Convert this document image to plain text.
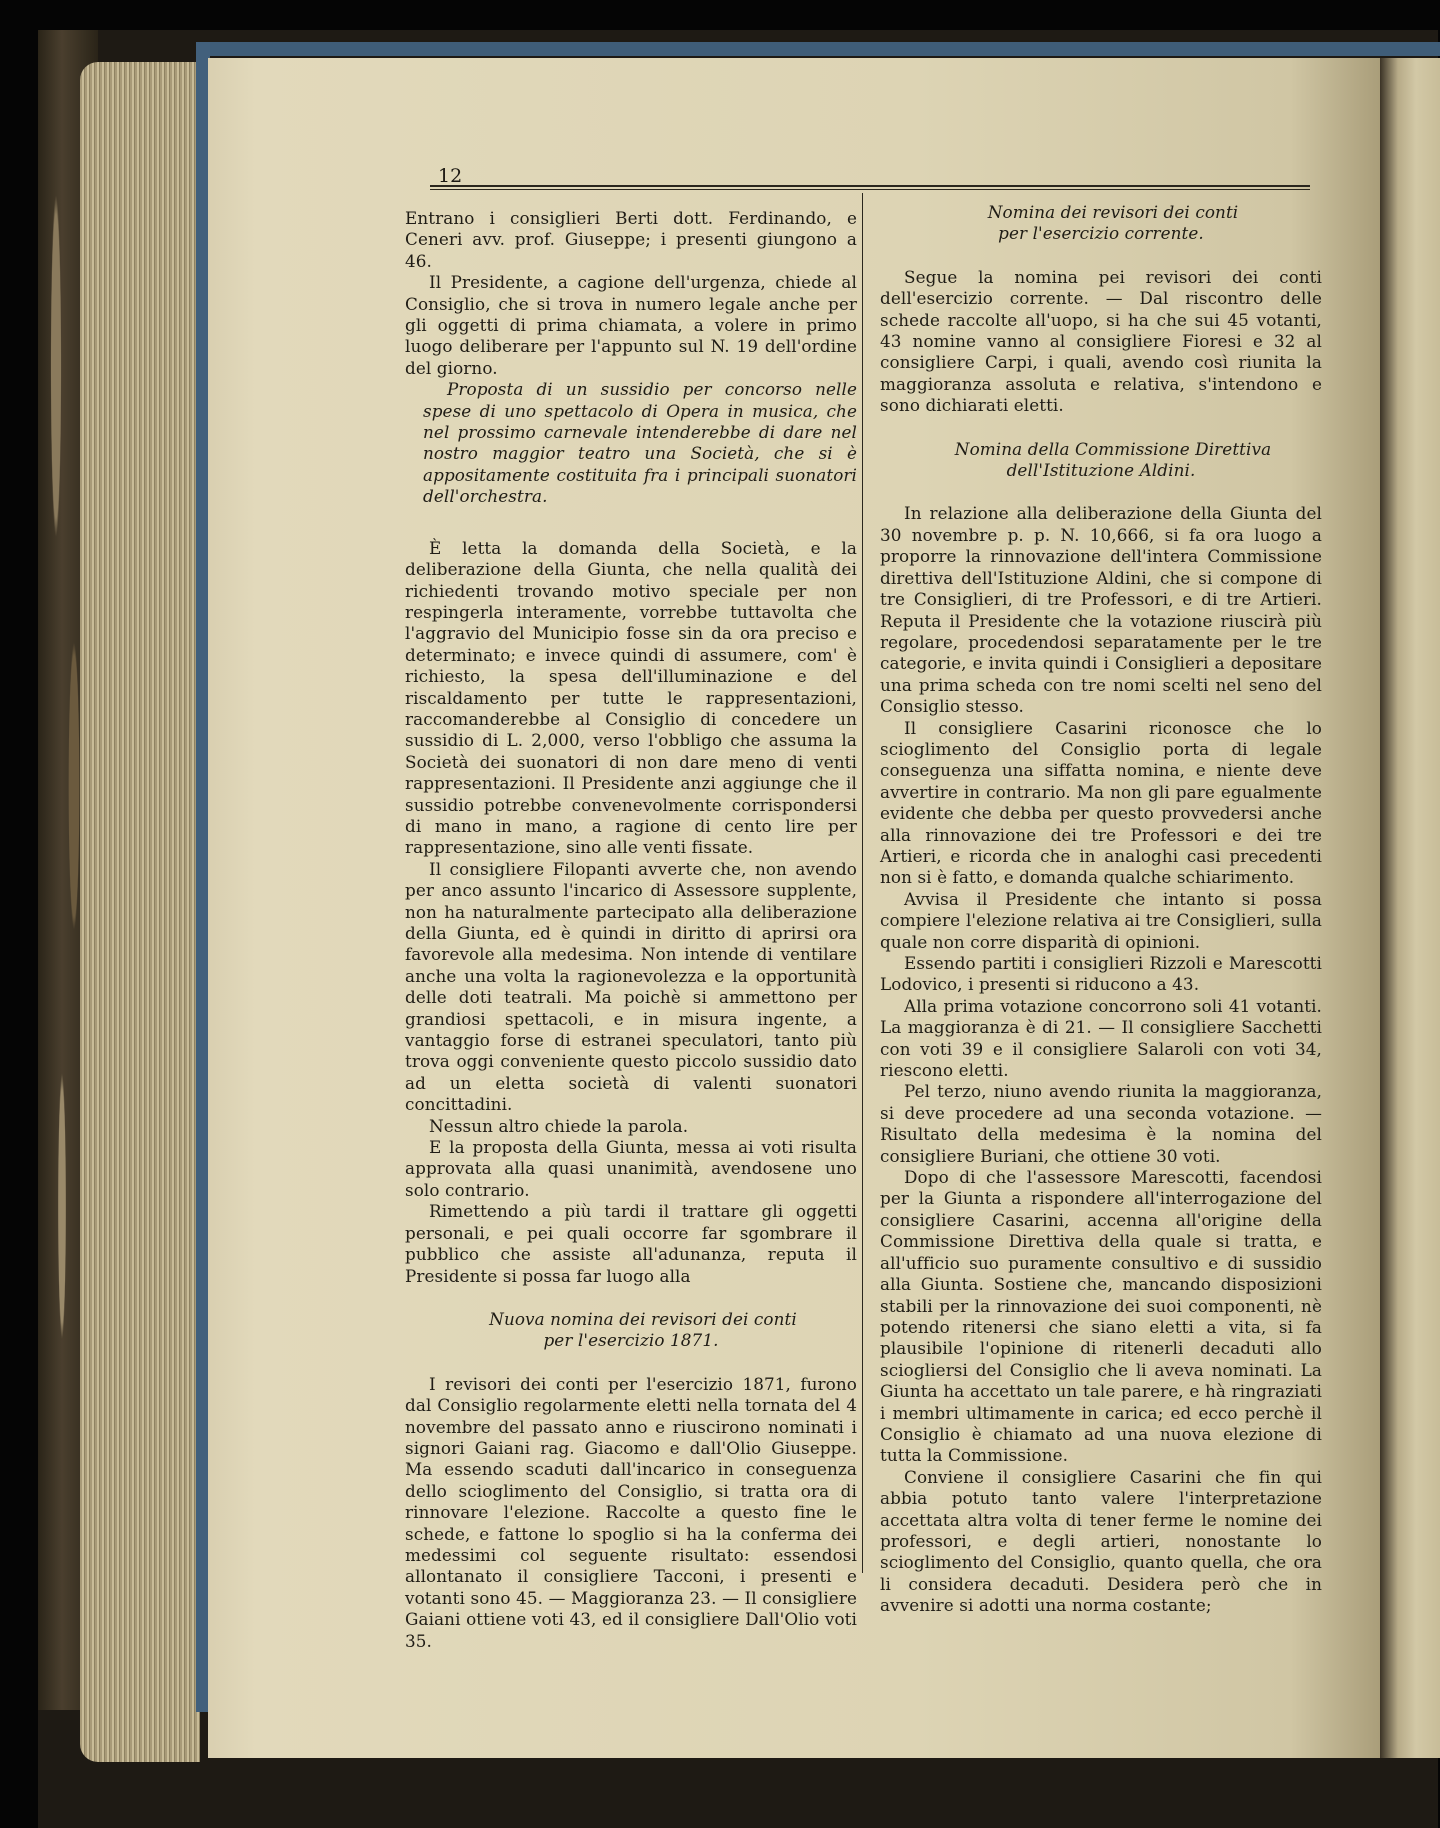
12

Entrano i consiglieri Berti dott. Ferdinando, e Ceneri avv. prof. Giuseppe; i presenti giungono a 46.

Il Presidente, a cagione dell'urgenza, chiede al Consiglio, che si trova in numero legale anche per gli oggetti di prima chiamata, a volere in primo luogo deliberare per l'appunto sul N. 19 dell'ordine del giorno.

Proposta di un sussidio per concorso nelle spese di uno spettacolo di Opera in musica, che nel prossimo carnevale intenderebbe di dare nel nostro maggior teatro una Società, che si è appositamente costituita fra i principali suonatori dell'orchestra.

È letta la domanda della Società, e la deliberazione della Giunta, che nella qualità dei richiedenti trovando motivo speciale per non respingerla interamente, vorrebbe tuttavolta che l'aggravio del Municipio fosse sin da ora preciso e determinato; e invece quindi di assumere, com' è richiesto, la spesa dell'illuminazione e del riscaldamento per tutte le rappresentazioni, raccomanderebbe al Consiglio di concedere un sussidio di L. 2,000, verso l'obbligo che assuma la Società dei suonatori di non dare meno di venti rappresentazioni. Il Presidente anzi aggiunge che il sussidio potrebbe convenevolmente corrispondersi di mano in mano, a ragione di cento lire per rappresentazione, sino alle venti fissate.

Il consigliere Filopanti avverte che, non avendo per anco assunto l'incarico di Assessore supplente, non ha naturalmente partecipato alla deliberazione della Giunta, ed è quindi in diritto di aprirsi ora favorevole alla medesima. Non intende di ventilare anche una volta la ragionevolezza e la opportunità delle doti teatrali. Ma poichè si ammettono per grandiosi spettacoli, e in misura ingente, a vantaggio forse di estranei speculatori, tanto più trova oggi conveniente questo piccolo sussidio dato ad un eletta società di valenti suonatori concittadini.

Nessun altro chiede la parola.

E la proposta della Giunta, messa ai voti risulta approvata alla quasi unanimità, avendosene uno solo contrario.

Rimettendo a più tardi il trattare gli oggetti personali, e pei quali occorre far sgombrare il pubblico che assiste all'adunanza, reputa il Presidente si possa far luogo alla

Nuova nomina dei revisori dei conti
per l'esercizio 1871.

I revisori dei conti per l'esercizio 1871, furono dal Consiglio regolarmente eletti nella tornata del 4 novembre del passato anno e riuscirono nominati i signori Gaiani rag. Giacomo e dall'Olio Giuseppe. Ma essendo scaduti dall'incarico in conseguenza dello scioglimento del Consiglio, si tratta ora di rinnovare l'elezione. Raccolte a questo fine le schede, e fattone lo spoglio si ha la conferma dei medessimi col seguente risultato: essendosi allontanato il consigliere Tacconi, i presenti e votanti sono 45. — Maggioranza 23. — Il consigliere Gaiani ottiene voti 43, ed il consigliere Dall'Olio voti 35.

Nomina dei revisori dei conti
per l'esercizio corrente.

Segue la nomina pei revisori dei conti dell'esercizio corrente. — Dal riscontro delle schede raccolte all'uopo, si ha che sui 45 votanti, 43 nomine vanno al consigliere Fioresi e 32 al consigliere Carpi, i quali, avendo così riunita la maggioranza assoluta e relativa, s'intendono e sono dichiarati eletti.

Nomina della Commissione Direttiva
dell'Istituzione Aldini.

In relazione alla deliberazione della Giunta del 30 novembre p. p. N. 10,666, si fa ora luogo a proporre la rinnovazione dell'intera Commissione direttiva dell'Istituzione Aldini, che si compone di tre Consiglieri, di tre Professori, e di tre Artieri. Reputa il Presidente che la votazione riuscirà più regolare, procedendosi separatamente per le tre categorie, e invita quindi i Consiglieri a depositare una prima scheda con tre nomi scelti nel seno del Consiglio stesso.

Il consigliere Casarini riconosce che lo scioglimento del Consiglio porta di legale conseguenza una siffatta nomina, e niente deve avvertire in contrario. Ma non gli pare egualmente evidente che debba per questo provvedersi anche alla rinnovazione dei tre Professori e dei tre Artieri, e ricorda che in analoghi casi precedenti non si è fatto, e domanda qualche schiarimento.

Avvisa il Presidente che intanto si possa compiere l'elezione relativa ai tre Consiglieri, sulla quale non corre disparità di opinioni.

Essendo partiti i consiglieri Rizzoli e Marescotti Lodovico, i presenti si riducono a 43.

Alla prima votazione concorrono soli 41 votanti. La maggioranza è di 21. — Il consigliere Sacchetti con voti 39 e il consigliere Salaroli con voti 34, riescono eletti.

Pel terzo, niuno avendo riunita la maggioranza, si deve procedere ad una seconda votazione. — Risultato della medesima è la nomina del consigliere Buriani, che ottiene 30 voti.

Dopo di che l'assessore Marescotti, facendosi per la Giunta a rispondere all'interrogazione del consigliere Casarini, accenna all'origine della Commissione Direttiva della quale si tratta, e all'ufficio suo puramente consultivo e di sussidio alla Giunta. Sostiene che, mancando disposizioni stabili per la rinnovazione dei suoi componenti, nè potendo ritenersi che siano eletti a vita, si fa plausibile l'opinione di ritenerli decaduti allo sciogliersi del Consiglio che li aveva nominati. La Giunta ha accettato un tale parere, e hà ringraziati i membri ultimamente in carica; ed ecco perchè il Consiglio è chiamato ad una nuova elezione di tutta la Commissione.

Conviene il consigliere Casarini che fin qui abbia potuto tanto valere l'interpretazione accettata altra volta di tener ferme le nomine dei professori, e degli artieri, nonostante lo scioglimento del Consiglio, quanto quella, che ora li considera decaduti. Desidera però che in avvenire si adotti una norma costante;
